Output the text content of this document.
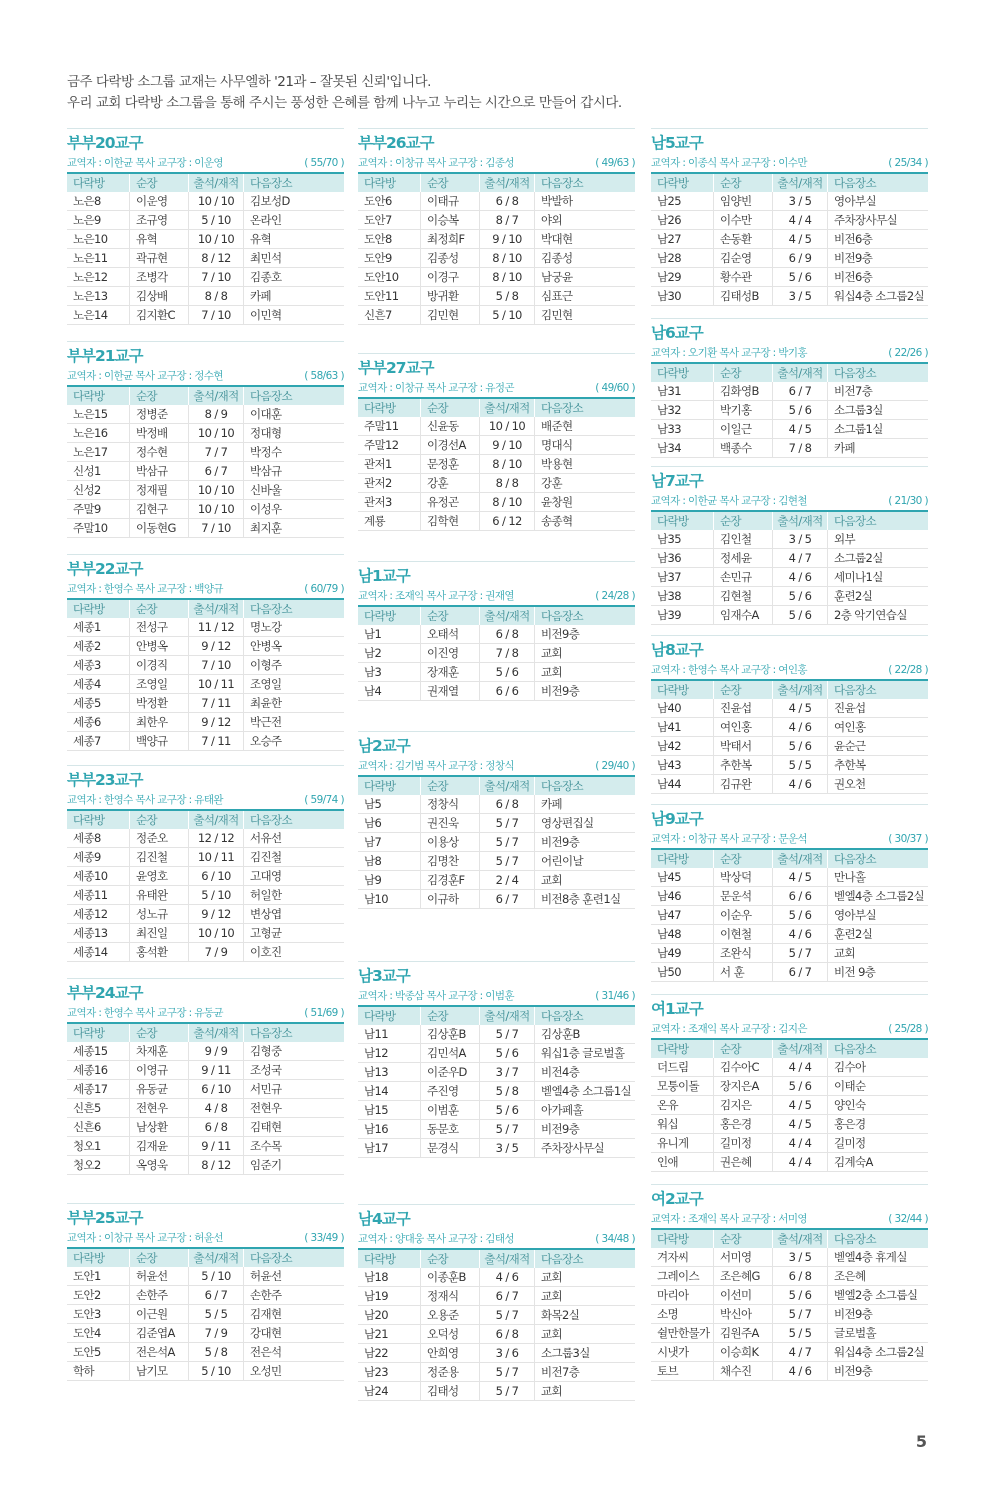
금주 다락방 소그룹 교재는 사무엘하 '21과 – 잘못된 신뢰'입니다.

우리 교회 다락방 소그룹을 통해 주시는 풍성한 은혜를 함께 나누고 누리는 시간으로 만들어 갑시다.

부부20교구
교역자 : 이한균 목사 교구장 : 이운영	( 55/70 )
다락방	순장	출석/재적	다음장소
노은8	이운영	10 / 10	김보성D
노은9	조규영	5 / 10	온라인
노은10	유혁	10 / 10	유혁
노은11	곽규현	8 / 12	최민석
노은12	조병각	7 / 10	김종호
노은13	김상배	8 / 8	카페
노은14	김지환C	7 / 10	이민혁
부부21교구
교역자 : 이한균 목사 교구장 : 정수현	( 58/63 )
다락방	순장	출석/재적	다음장소
노은15	정병준	8 / 9	이대훈
노은16	박정배	10 / 10	정대형
노은17	정수현	7 / 7	박정수
신성1	박삼규	6 / 7	박삼규
신성2	정재필	10 / 10	신바울
주말9	김현구	10 / 10	이성우
주말10	이동현G	7 / 10	최지훈
부부22교구
교역자 : 한영수 목사 교구장 : 백양규	( 60/79 )
다락방	순장	출석/재적	다음장소
세종1	전성구	11 / 12	명노강
세종2	안병옥	9 / 12	안병옥
세종3	이경직	7 / 10	이형주
세종4	조영일	10 / 11	조영일
세종5	박정환	7 / 11	최윤한
세종6	최한우	9 / 12	박근전
세종7	백양규	7 / 11	오승주
부부23교구
교역자 : 한영수 목사 교구장 : 유태완	( 59/74 )
다락방	순장	출석/재적	다음장소
세종8	정준오	12 / 12	서유선
세종9	김진철	10 / 11	김진철
세종10	윤영호	6 / 10	고대영
세종11	유태완	5 / 10	허일한
세종12	성노규	9 / 12	변상엽
세종13	최진일	10 / 10	고형균
세종14	홍석환	7 / 9	이호진
부부24교구
교역자 : 한영수 목사 교구장 : 유동균	( 51/69 )
다락방	순장	출석/재적	다음장소
세종15	차재훈	9 / 9	김형중
세종16	이영규	9 / 11	조성국
세종17	유동균	6 / 10	서민규
신흔5	전현우	4 / 8	전현우
신흔6	남상환	6 / 8	김태현
청오1	김재윤	9 / 11	조수목
청오2	옥영욱	8 / 12	임준기
부부25교구
교역자 : 이창규 목사 교구장 : 허윤선	( 33/49 )
다락방	순장	출석/재적	다음장소
도안1	허윤선	5 / 10	허윤선
도안2	손한주	6 / 7	손한주
도안3	이근원	5 / 5	김재현
도안4	김준엽A	7 / 9	강대현
도안5	전은석A	5 / 8	전은석
학하	남기모	5 / 10	오성민
부부26교구
교역자 : 이창규 목사 교구장 : 김종성	( 49/63 )
다락방	순장	출석/재적	다음장소
도안6	이태규	6 / 8	박발하
도안7	이승복	8 / 7	야외
도안8	최정희F	9 / 10	박대현
도안9	김종성	8 / 10	김종성
도안10	이경구	8 / 10	남궁윤
도안11	방귀환	5 / 8	심표근
신흔7	김민현	5 / 10	김민현
부부27교구
교역자 : 이창규 목사 교구장 : 유정곤	( 49/60 )
다락방	순장	출석/재적	다음장소
주말11	신윤동	10 / 10	배준현
주말12	이경선A	9 / 10	명대식
관저1	문정훈	8 / 10	박용현
관저2	강훈	8 / 8	강훈
관저3	유정곤	8 / 10	윤창원
계룡	김학현	6 / 12	송종혁
남1교구
교역자 : 조재익 목사 교구장 : 권재열	( 24/28 )
다락방	순장	출석/재적	다음장소
남1	오태석	6 / 8	비전9층
남2	이진영	7 / 8	교회
남3	장재훈	5 / 6	교회
남4	권재열	6 / 6	비전9층
남2교구
교역자 : 김기범 목사 교구장 : 정창식	( 29/40 )
다락방	순장	출석/재적	다음장소
남5	정창식	6 / 8	카페
남6	권진욱	5 / 7	영상편집실
남7	이용상	5 / 7	비전9층
남8	김명찬	5 / 7	어린이날
남9	김경훈F	2 / 4	교회
남10	이규하	6 / 7	비전8층 훈련1실
남3교구
교역자 : 박종삼 목사 교구장 : 이범훈	( 31/46 )
다락방	순장	출석/재적	다음장소
남11	김상훈B	5 / 7	김상훈B
남12	김민석A	5 / 6	워십1층 글로벌홀
남13	이준우D	3 / 7	비전4층
남14	주진영	5 / 8	벧엘4층 소그룹1실
남15	이범훈	5 / 6	아가페홀
남16	동문호	5 / 7	비전9층
남17	문경식	3 / 5	주차장사무실
남4교구
교역자 : 양대웅 목사 교구장 : 김태성	( 34/48 )
다락방	순장	출석/재적	다음장소
남18	이종훈B	4 / 6	교회
남19	정재식	6 / 7	교회
남20	오용준	5 / 7	화목2실
남21	오덕성	6 / 8	교회
남22	안희영	3 / 6	소그룹3실
남23	정준용	5 / 7	비전7층
남24	김태성	5 / 7	교회
남5교구
교역자 : 이종식 목사 교구장 : 이수만	( 25/34 )
다락방	순장	출석/재적	다음장소
남25	임양빈	3 / 5	영아부실
남26	이수만	4 / 4	주차장사무실
남27	손동환	4 / 5	비전6층
남28	김순영	6 / 9	비전9층
남29	황수관	5 / 6	비전6층
남30	김태성B	3 / 5	워십4층 소그룹2실
남6교구
교역자 : 오기환 목사 교구장 : 박기홍	( 22/26 )
다락방	순장	출석/재적	다음장소
남31	김화영B	6 / 7	비전7층
남32	박기홍	5 / 6	소그룹3실
남33	이일근	4 / 5	소그룹1실
남34	백종수	7 / 8	카페
남7교구
교역자 : 이한균 목사 교구장 : 김현철	( 21/30 )
다락방	순장	출석/재적	다음장소
남35	김인철	3 / 5	외부
남36	정세윤	4 / 7	소그룹2실
남37	손민규	4 / 6	세미나1실
남38	김현철	5 / 6	훈련2실
남39	임재수A	5 / 6	2층 악기연습실
남8교구
교역자 : 한영수 목사 교구장 : 여인홍	( 22/28 )
다락방	순장	출석/재적	다음장소
남40	진윤섭	4 / 5	진윤섭
남41	여인홍	4 / 6	여인홍
남42	박태서	5 / 6	윤순근
남43	추한복	5 / 5	추한복
남44	김규완	4 / 6	권오천
남9교구
교역자 : 이창규 목사 교구장 : 문운석	( 30/37 )
다락방	순장	출석/재적	다음장소
남45	박상덕	4 / 5	만나홀
남46	문운석	6 / 6	벧엘4층 소그룹2실
남47	이순우	5 / 6	영아부실
남48	이현철	4 / 6	훈련2실
남49	조완식	5 / 7	교회
남50	서 훈	6 / 7	비전 9층
여1교구
교역자 : 조재익 목사 교구장 : 김지은	( 25/28 )
다락방	순장	출석/재적	다음장소
더드림	김수아C	4 / 4	김수아
모퉁이돌	장지은A	5 / 6	이태순
온유	김지은	4 / 5	양인숙
워십	홍은경	4 / 5	홍은경
유니게	길미정	4 / 4	길미정
인애	권은혜	4 / 4	김계숙A
여2교구
교역자 : 조재익 목사 교구장 : 서미영	( 32/44 )
다락방	순장	출석/재적	다음장소
겨자씨	서미영	3 / 5	벧엘4층 휴게실
그레이스	조은혜G	6 / 8	조은혜
마리아	이선미	5 / 6	벧엘2층 소그룹실
소명	박신아	5 / 7	비전9층
쉴만한물가	김원주A	5 / 5	글로벌홀
시냇가	이승희K	4 / 7	워십4층 소그룹2실
토브	채수진	4 / 6	비전9층
5
